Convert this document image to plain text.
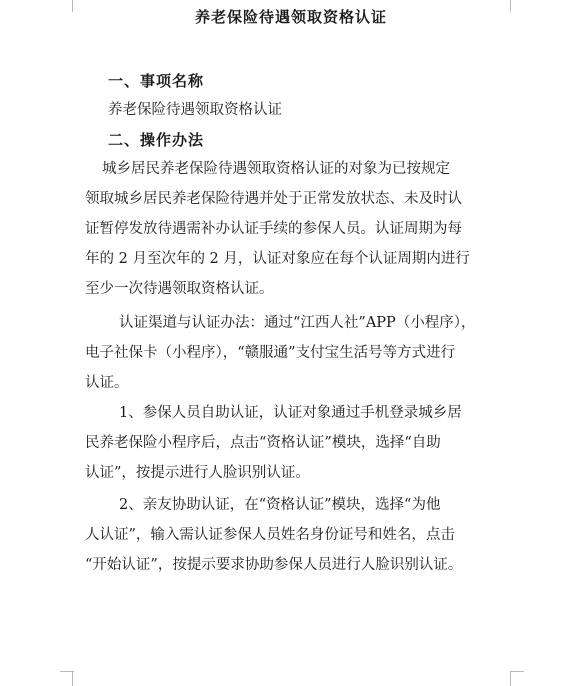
养老保险待遇领取资格认证
一、事项名称
养老保险待遇领取资格认证
二、操作办法
城乡居民养老保险待遇领取资格认证的对象为已按规定
领取城乡居民养老保险待遇并处于正常发放状态、未及时认
证暂停发放待遇需补办认证手续的参保人员。认证周期为每
年的 2 月至次年的 2 月，认证对象应在每个认证周期内进行
至少一次待遇领取资格认证。
认证渠道与认证办法：通过“江西人社”APP（小程序），
电子社保卡（小程序），“赣服通”支付宝生活号等方式进行
认证。
1、参保人员自助认证，认证对象通过手机登录城乡居
民养老保险小程序后，点击“资格认证”模块，选择“自助
认证”，按提示进行人脸识别认证。
2、亲友协助认证，在“资格认证”模块，选择“为他
人认证”，输入需认证参保人员姓名身份证号和姓名，点击
“开始认证”，按提示要求协助参保人员进行人脸识别认证。
